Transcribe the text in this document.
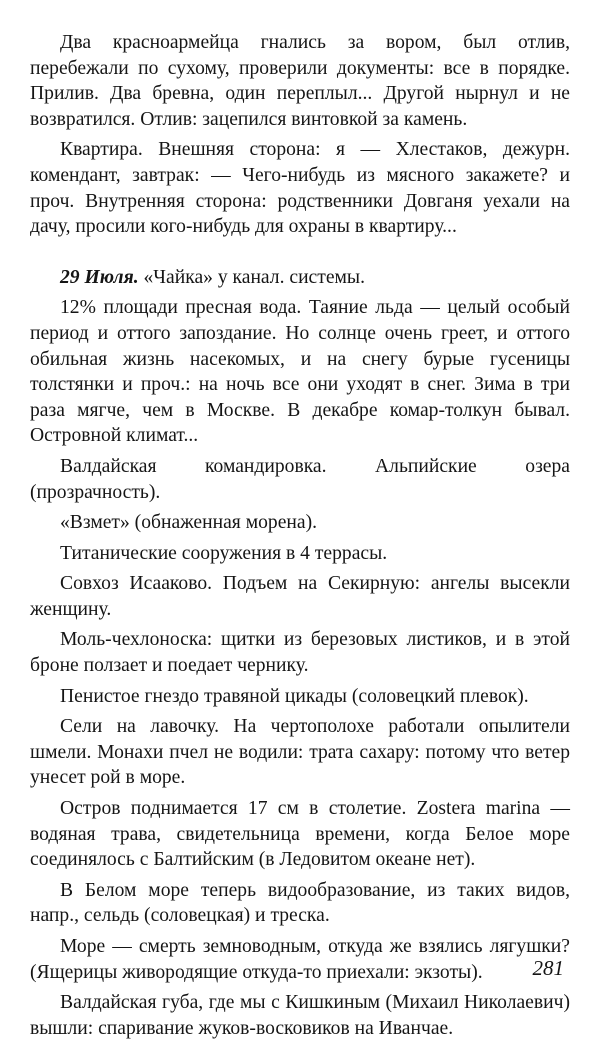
Два красноармейца гнались за вором, был отлив, перебежали по сухому, проверили документы: все в порядке. Прилив. Два бревна, один переплыл... Другой нырнул и не возвратился. Отлив: зацепился винтовкой за камень.

Квартира. Внешняя сторона: я — Хлестаков, дежурн. комендант, завтрак: — Чего-нибудь из мясного закажете? и проч. Внутренняя сторона: родственники Довганя уехали на дачу, просили кого-нибудь для охраны в квартиру...

29 Июля. «Чайка» у канал. системы.

12% площади пресная вода. Таяние льда — целый особый период и оттого запоздание. Но солнце очень греет, и оттого обильная жизнь насекомых, и на снегу бурые гусеницы толстянки и проч.: на ночь все они уходят в снег. Зима в три раза мягче, чем в Москве. В декабре комар-толкун бывал. Островной климат...

Валдайская командировка. Альпийские озера (прозрачность).

«Взмет» (обнаженная морена).

Титанические сооружения в 4 террасы.

Совхоз Исааково. Подъем на Секирную: ангелы высекли женщину.

Моль-чехлоноска: щитки из березовых листиков, и в этой броне ползает и поедает чернику.

Пенистое гнездо травяной цикады (соловецкий плевок).

Сели на лавочку. На чертополохе работали опылители шмели. Монахи пчел не водили: трата сахару: потому что ветер унесет рой в море.

Остров поднимается 17 см в столетие. Zostera marina — водяная трава, свидетельница времени, когда Белое море соединялось с Балтийским (в Ледовитом океане нет).

В Белом море теперь видообразование, из таких видов, напр., сельдь (соловецкая) и треска.

Море — смерть земноводным, откуда же взялись лягушки? (Ящерицы живородящие откуда-то приехали: экзоты).

Валдайская губа, где мы с Кишкиным (Михаил Николаевич) вышли: спаривание жуков-восковиков на Иванчае.

281
